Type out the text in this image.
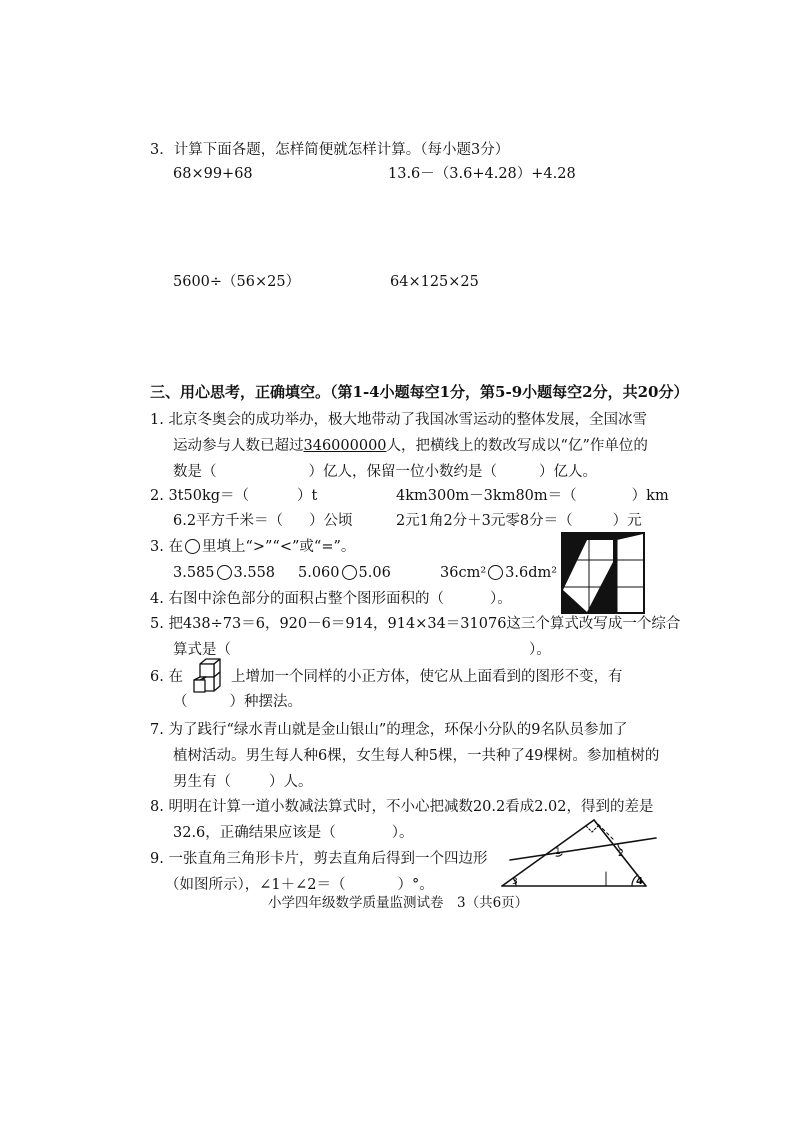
3．计算下面各题，怎样简便就怎样计算。（每小题3分）
68×99+68	13.6－（3.6+4.28）+4.28
5600÷（56×25）	64×125×25
三、用心思考，正确填空。（第1-4小题每空1分，第5-9小题每空2分，共20分）
1. 北京冬奥会的成功举办，极大地带动了我国冰雪运动的整体发展，全国冰雪
运动参与人数已超过346000000人，把横线上的数改写成以“亿”作单位的
数是（	）亿人，保留一位小数约是（	）亿人。
2. 3t50kg＝（	）t	4km300m－3km80m＝（	）km
6.2平方千米＝（ ）公顷	2元1角2分＋3元零8分＝（	）元
3. 在 里填上“>”“<”或“=”。
3.585 3.558 5.060 5.06	36cm² 3.6dm²
4. 右图中涂色部分的面积占整个图形面积的（	）。
5. 把438÷73＝6，920－6＝914，914×34＝31076这三个算式改写成一个综合
算式是（	）。
6. 在	上增加一个同样的小正方体，使它从上面看到的图形不变，有
（	）种摆法。
7. 为了践行“绿水青山就是金山银山”的理念，环保小分队的9名队员参加了
植树活动。男生每人种6棵，女生每人种5棵，一共种了49棵树。参加植树的
男生有（	）人。
8. 明明在计算一道小数减法算式时，不小心把减数20.2看成2.02，得到的差是
32.6，正确结果应该是（	）。
9. 一张直角三角形卡片，剪去直角后得到一个四边形
（如图所示），∠1＋∠2＝（	）°。
1	2
3	4
小学四年级数学质量监测试卷　3（共6页）
